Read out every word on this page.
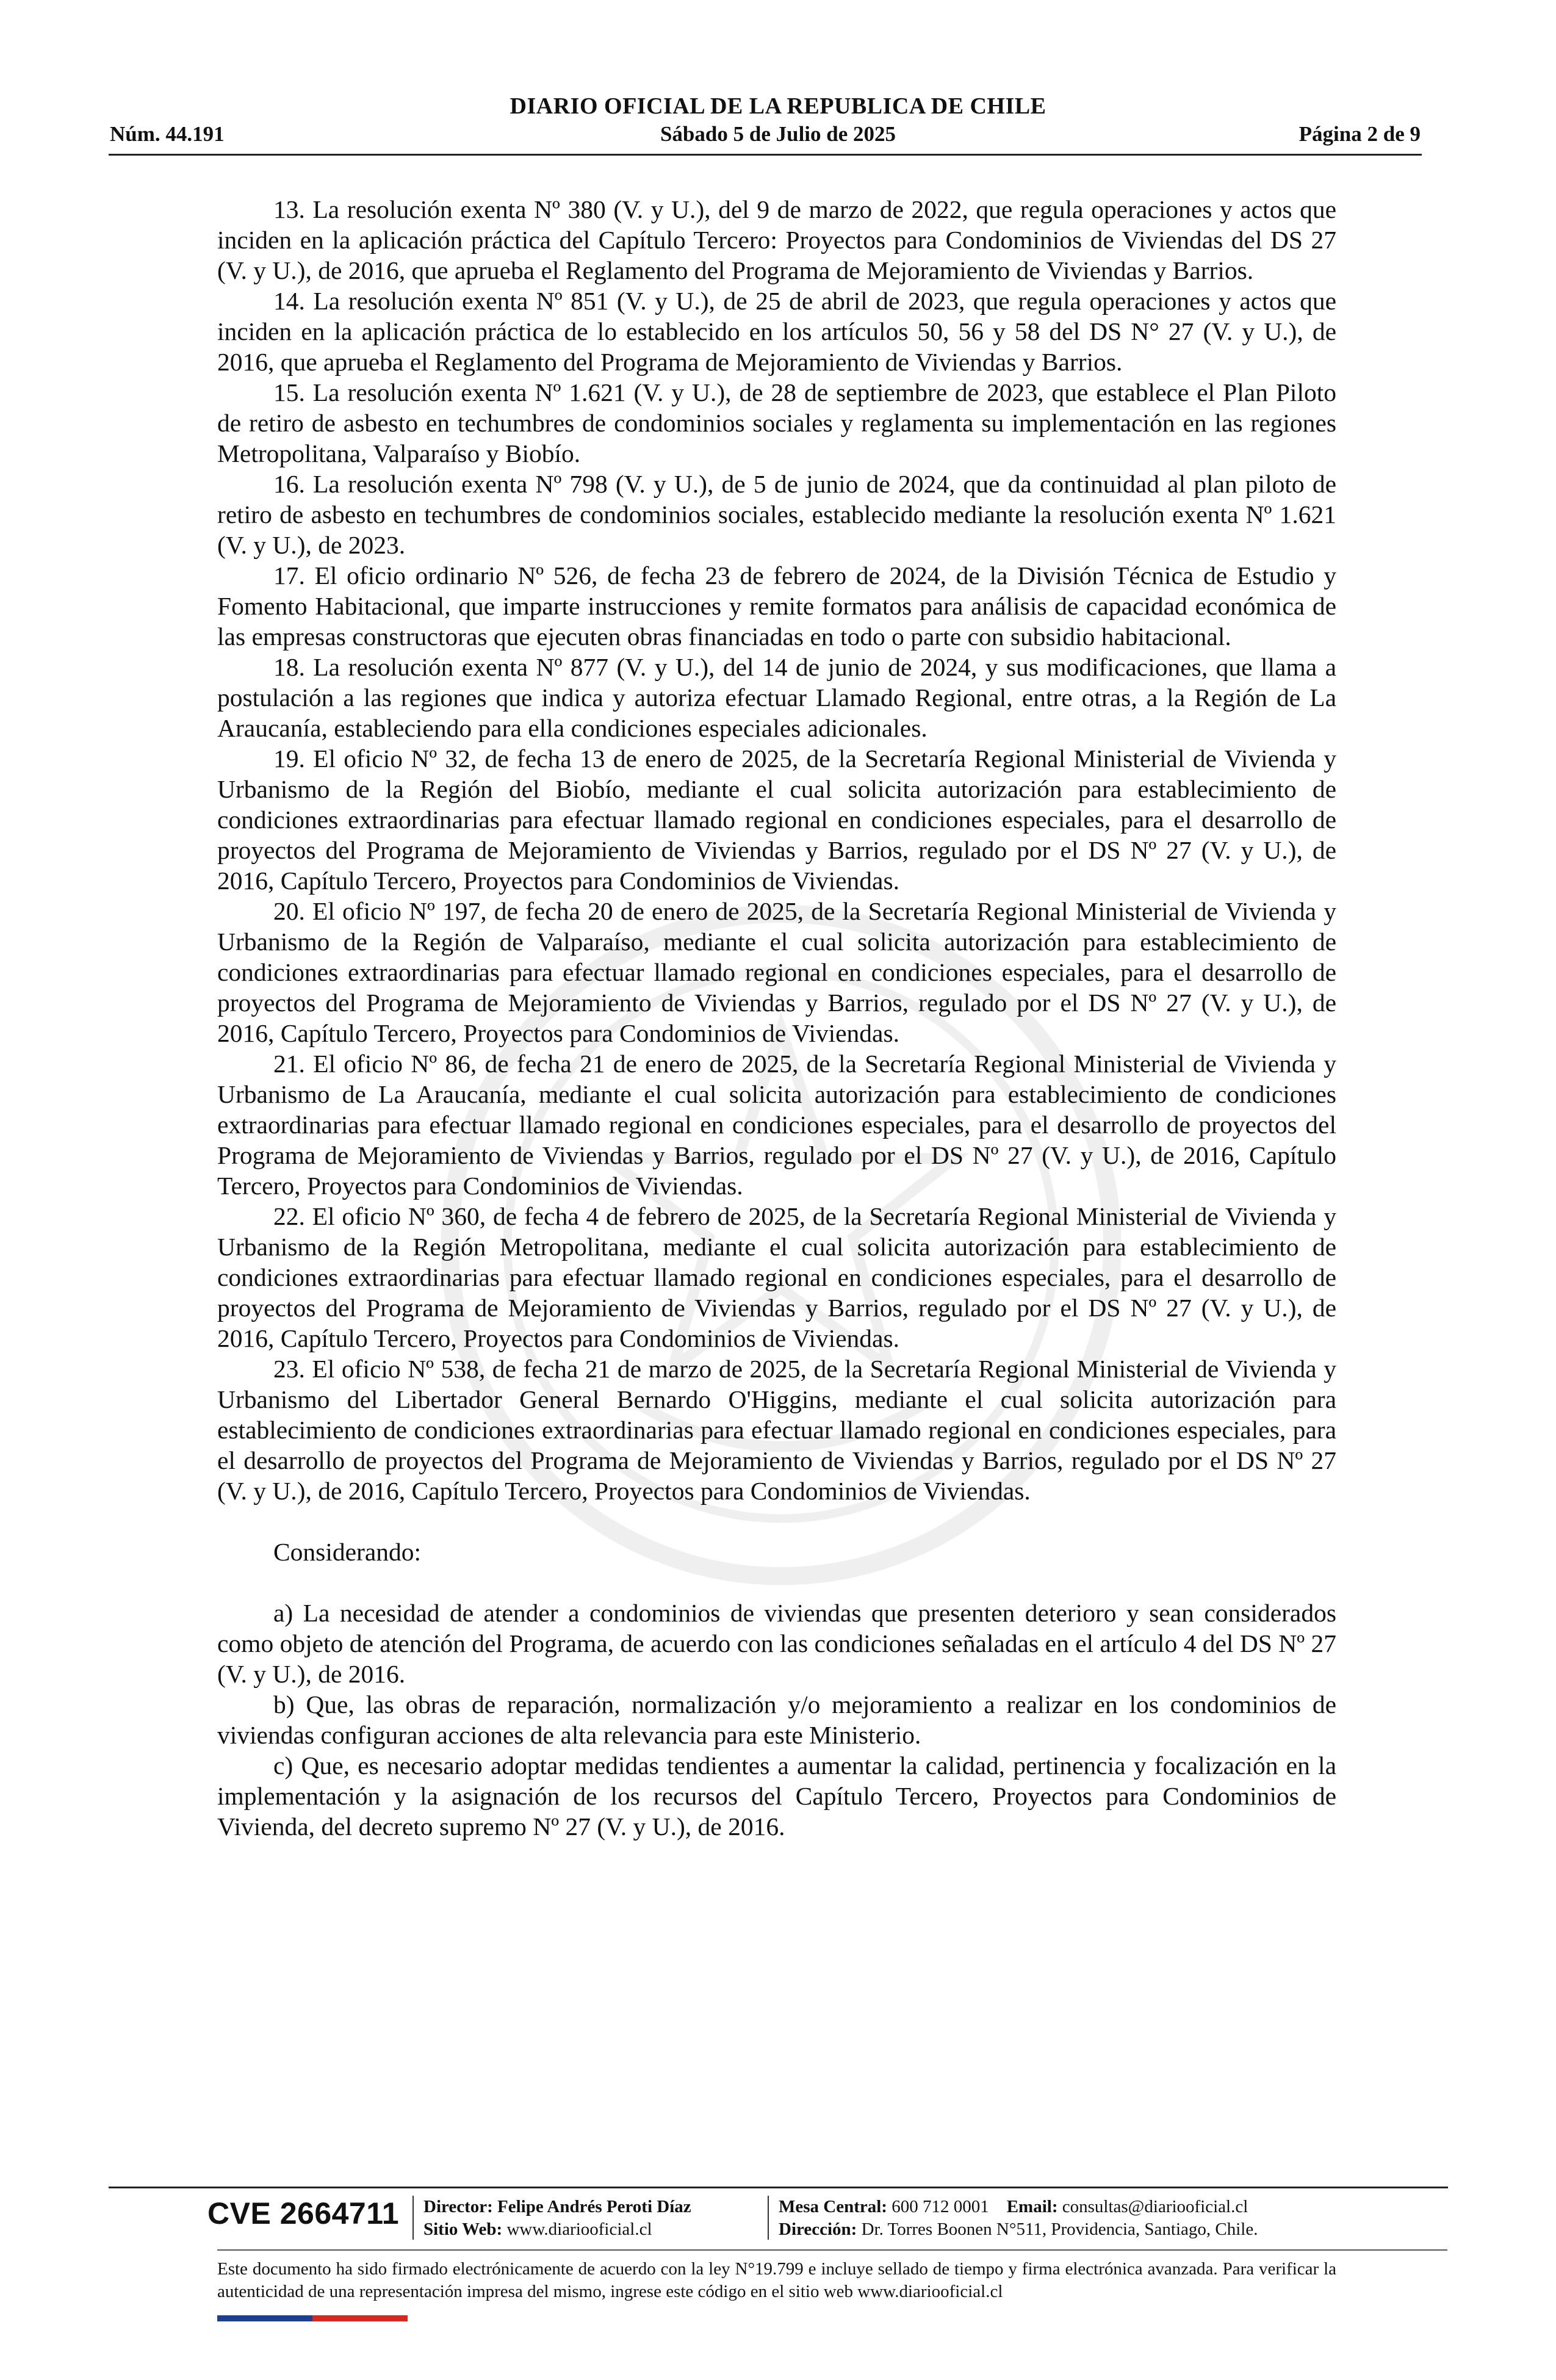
DIARIO OFICIAL DE LA REPUBLICA DE CHILE
Núm. 44.191	Sábado 5 de Julio de 2025	Página 2 de 9

13. La resolución exenta Nº 380 (V. y U.), del 9 de marzo de 2022, que regula operaciones y actos que inciden en la aplicación práctica del Capítulo Tercero: Proyectos para Condominios de Viviendas del DS 27 (V. y U.), de 2016, que aprueba el Reglamento del Programa de Mejoramiento de Viviendas y Barrios.

14. La resolución exenta Nº 851 (V. y U.), de 25 de abril de 2023, que regula operaciones y actos que inciden en la aplicación práctica de lo establecido en los artículos 50, 56 y 58 del DS N° 27 (V. y U.), de 2016, que aprueba el Reglamento del Programa de Mejoramiento de Viviendas y Barrios.

15. La resolución exenta Nº 1.621 (V. y U.), de 28 de septiembre de 2023, que establece el Plan Piloto de retiro de asbesto en techumbres de condominios sociales y reglamenta su implementación en las regiones Metropolitana, Valparaíso y Biobío.

16. La resolución exenta Nº 798 (V. y U.), de 5 de junio de 2024, que da continuidad al plan piloto de retiro de asbesto en techumbres de condominios sociales, establecido mediante la resolución exenta Nº 1.621 (V. y U.), de 2023.

17. El oficio ordinario Nº 526, de fecha 23 de febrero de 2024, de la División Técnica de Estudio y Fomento Habitacional, que imparte instrucciones y remite formatos para análisis de capacidad económica de las empresas constructoras que ejecuten obras financiadas en todo o parte con subsidio habitacional.

18. La resolución exenta Nº 877 (V. y U.), del 14 de junio de 2024, y sus modificaciones, que llama a postulación a las regiones que indica y autoriza efectuar Llamado Regional, entre otras, a la Región de La Araucanía, estableciendo para ella condiciones especiales adicionales.

19. El oficio Nº 32, de fecha 13 de enero de 2025, de la Secretaría Regional Ministerial de Vivienda y Urbanismo de la Región del Biobío, mediante el cual solicita autorización para establecimiento de condiciones extraordinarias para efectuar llamado regional en condiciones especiales, para el desarrollo de proyectos del Programa de Mejoramiento de Viviendas y Barrios, regulado por el DS Nº 27 (V. y U.), de 2016, Capítulo Tercero, Proyectos para Condominios de Viviendas.

20. El oficio Nº 197, de fecha 20 de enero de 2025, de la Secretaría Regional Ministerial de Vivienda y Urbanismo de la Región de Valparaíso, mediante el cual solicita autorización para establecimiento de condiciones extraordinarias para efectuar llamado regional en condiciones especiales, para el desarrollo de proyectos del Programa de Mejoramiento de Viviendas y Barrios, regulado por el DS Nº 27 (V. y U.), de 2016, Capítulo Tercero, Proyectos para Condominios de Viviendas.

21. El oficio Nº 86, de fecha 21 de enero de 2025, de la Secretaría Regional Ministerial de Vivienda y Urbanismo de La Araucanía, mediante el cual solicita autorización para establecimiento de condiciones extraordinarias para efectuar llamado regional en condiciones especiales, para el desarrollo de proyectos del Programa de Mejoramiento de Viviendas y Barrios, regulado por el DS Nº 27 (V. y U.), de 2016, Capítulo Tercero, Proyectos para Condominios de Viviendas.

22. El oficio Nº 360, de fecha 4 de febrero de 2025, de la Secretaría Regional Ministerial de Vivienda y Urbanismo de la Región Metropolitana, mediante el cual solicita autorización para establecimiento de condiciones extraordinarias para efectuar llamado regional en condiciones especiales, para el desarrollo de proyectos del Programa de Mejoramiento de Viviendas y Barrios, regulado por el DS Nº 27 (V. y U.), de 2016, Capítulo Tercero, Proyectos para Condominios de Viviendas.

23. El oficio Nº 538, de fecha 21 de marzo de 2025, de la Secretaría Regional Ministerial de Vivienda y Urbanismo del Libertador General Bernardo O'Higgins, mediante el cual solicita autorización para establecimiento de condiciones extraordinarias para efectuar llamado regional en condiciones especiales, para el desarrollo de proyectos del Programa de Mejoramiento de Viviendas y Barrios, regulado por el DS Nº 27 (V. y U.), de 2016, Capítulo Tercero, Proyectos para Condominios de Viviendas.

Considerando:

a) La necesidad de atender a condominios de viviendas que presenten deterioro y sean considerados como objeto de atención del Programa, de acuerdo con las condiciones señaladas en el artículo 4 del DS Nº 27 (V. y U.), de 2016.

b) Que, las obras de reparación, normalización y/o mejoramiento a realizar en los condominios de viviendas configuran acciones de alta relevancia para este Ministerio.

c) Que, es necesario adoptar medidas tendientes a aumentar la calidad, pertinencia y focalización en la implementación y la asignación de los recursos del Capítulo Tercero, Proyectos para Condominios de Vivienda, del decreto supremo Nº 27 (V. y U.), de 2016.

CVE 2664711 Director: Felipe Andrés Peroti Díaz
Sitio Web: www.diariooficial.cl
Mesa Central: 600 712 0001 Email: consultas@diariooficial.cl
Dirección: Dr. Torres Boonen N°511, Providencia, Santiago, Chile.
Este documento ha sido firmado electrónicamente de acuerdo con la ley N°19.799 e incluye sellado de tiempo y firma electrónica avanzada. Para verificar la autenticidad de una representación impresa del mismo, ingrese este código en el sitio web www.diariooficial.cl
